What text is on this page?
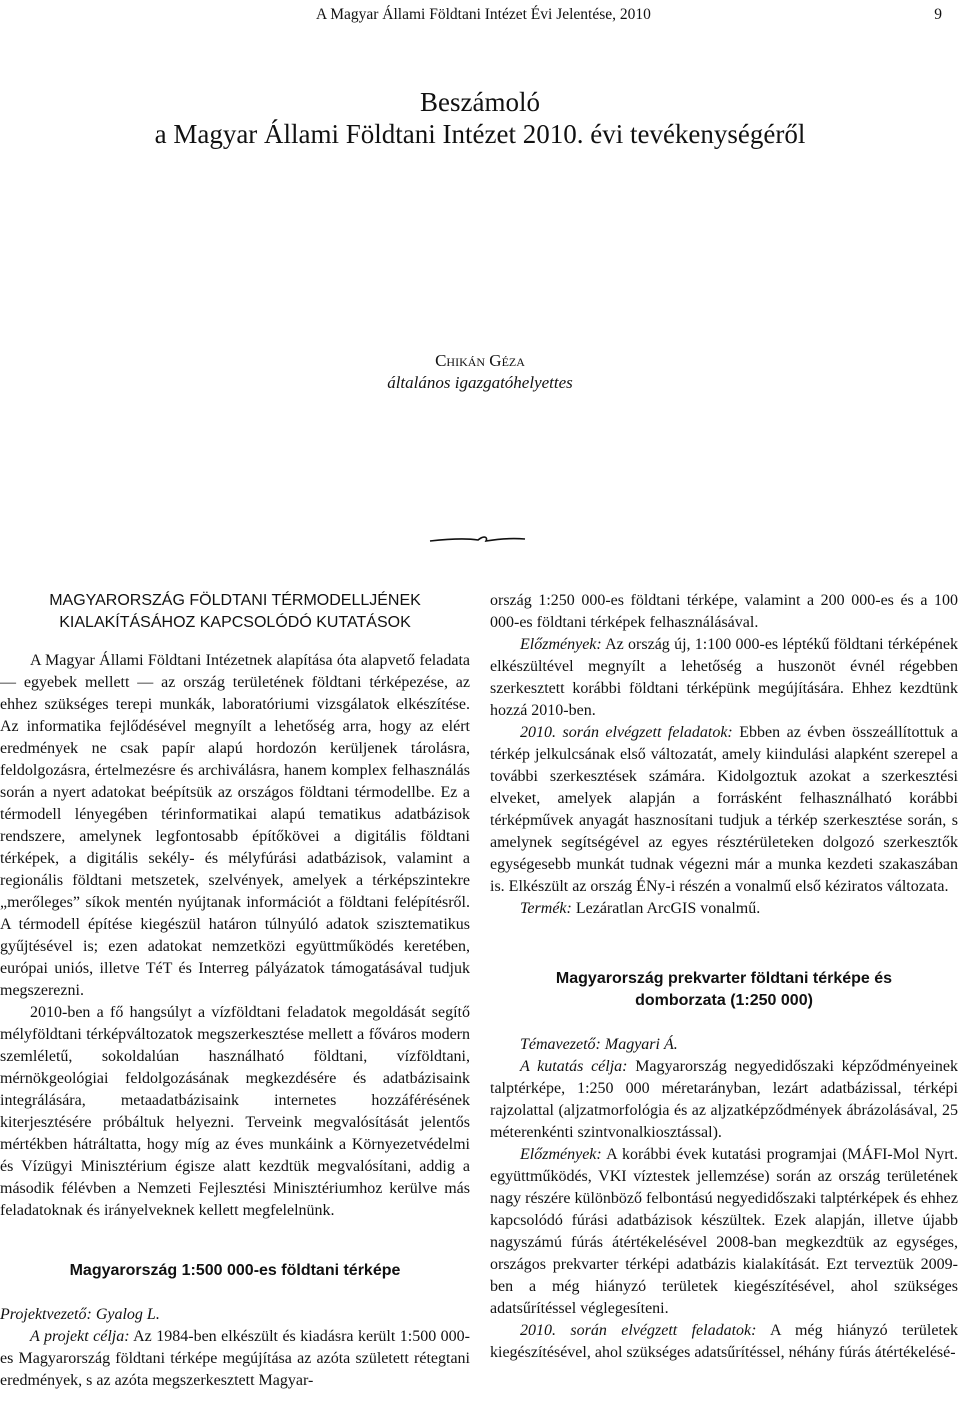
A Magyar Állami Földtani Intézet Évi Jelentése, 2010	9
Beszámoló
a Magyar Állami Földtani Intézet 2010. évi tevékenységéről
Chikán Géza
általános igazgatóhelyettes
MAGYARORSZÁG FÖLDTANI TÉRMODELLJÉNEK
KIALAKÍTÁSÁHOZ KAPCSOLÓDÓ KUTATÁSOK

A Magyar Állami Földtani Intézetnek alapítása óta alapvető feladata — egyebek mellett — az ország területének földtani térképezése, az ehhez szükséges terepi munkák, laboratóriumi vizsgálatok elkészítése. Az informatika fejlődésével megnyílt a lehetőség arra, hogy az elért eredmények ne csak papír alapú hordozón kerüljenek tárolásra, feldolgozásra, értelmezésre és archiválásra, hanem komplex felhasználás során a nyert adatokat beépítsük az országos földtani térmodellbe. Ez a térmodell lényegében térinformatikai alapú tematikus adatbázisok rendszere, amelynek legfontosabb építőkövei a digitális földtani térképek, a digitális sekély- és mélyfúrási adatbázisok, valamint a regionális földtani metszetek, szelvények, amelyek a térképszintekre „merőleges” síkok mentén nyújtanak információt a földtani felépítésről. A térmodell építése kiegészül határon túlnyúló adatok szisztematikus gyűjtésével is; ezen adatokat nemzetközi együttműködés keretében, európai uniós, illetve TéT és Interreg pályázatok támogatásával tudjuk megszerezni.

2010-ben a fő hangsúlyt a vízföldtani feladatok megoldását segítő mélyföldtani térképváltozatok megszerkesztése mellett a főváros modern szemléletű, sokoldalúan használható földtani, vízföldtani, mérnökgeológiai feldolgozásának megkezdésére és adatbázisaink integrálására, metaadatbázisaink internetes hozzáférésének kiterjesztésére próbáltuk helyezni. Terveink megvalósítását jelentős mértékben hátráltatta, hogy míg az éves munkáink a Környezetvédelmi és Vízügyi Minisztérium égisze alatt kezdtük megvalósítani, addig a második félévben a Nemzeti Fejlesztési Minisztériumhoz kerülve más feladatoknak és irányelveknek kellett megfelelnünk.

Magyarország 1:500 000-es földtani térképe

Projektvezető: Gyalog L.

A projekt célja: Az 1984-ben elkészült és kiadásra került 1:500 000-es Magyarország földtani térképe megújítása az azóta született rétegtani eredmények, s az azóta megszerkesztett Magyar-

ország 1:250 000-es földtani térképe, valamint a 200 000-es és a 100 000-es földtani térképek felhasználásával.

Előzmények: Az ország új, 1:100 000-es léptékű földtani térképének elkészültével megnyílt a lehetőség a huszonöt évnél régebben szerkesztett korábbi földtani térképünk megújítására. Ehhez kezdtünk hozzá 2010-ben.

2010. során elvégzett feladatok: Ebben az évben összeállítottuk a térkép jelkulcsának első változatát, amely kiindulási alapként szerepel a további szerkesztések számára. Kidolgoztuk azokat a szerkesztési elveket, amelyek alapján a forrásként felhasználható korábbi térképművek anyagát hasznosítani tudjuk a térkép szerkesztése során, s amelynek segítségével az egyes résztérületeken dolgozó szerkesztők egységesebb munkát tudnak végezni már a munka kezdeti szakaszában is. Elkészült az ország ÉNy-i részén a vonalmű első kéziratos változata.

Termék: Lezáratlan ArcGIS vonalmű.

Magyarország prekvarter földtani térképe és
domborzata (1:250 000)

Témavezető: Magyari Á.

A kutatás célja: Magyarország negyedidőszaki képződményeinek talptérképe, 1:250 000 méretarányban, lezárt adatbázissal, térképi rajzolattal (aljzatmorfológia és az aljzatképződmények ábrázolásával, 25 méterenkénti szintvonalkiosztással).

Előzmények: A korábbi évek kutatási programjai (MÁFI-Mol Nyrt. együttműködés, VKI víztestek jellemzése) során az ország területének nagy részére különböző felbontású negyedidőszaki talptérképek és ehhez kapcsolódó fúrási adatbázisok készültek. Ezek alapján, illetve újabb nagyszámú fúrás átértékelésével 2008-ban megkezdtük az egységes, országos prekvarter térképi adatbázis kialakítását. Ezt terveztük 2009-ben a még hiányzó területek kiegészítésével, ahol szükséges adatsűrítéssel véglegesíteni.

2010. során elvégzett feladatok: A még hiányzó területek kiegészítésével, ahol szükséges adatsűrítéssel, néhány fúrás átértékelésé-
